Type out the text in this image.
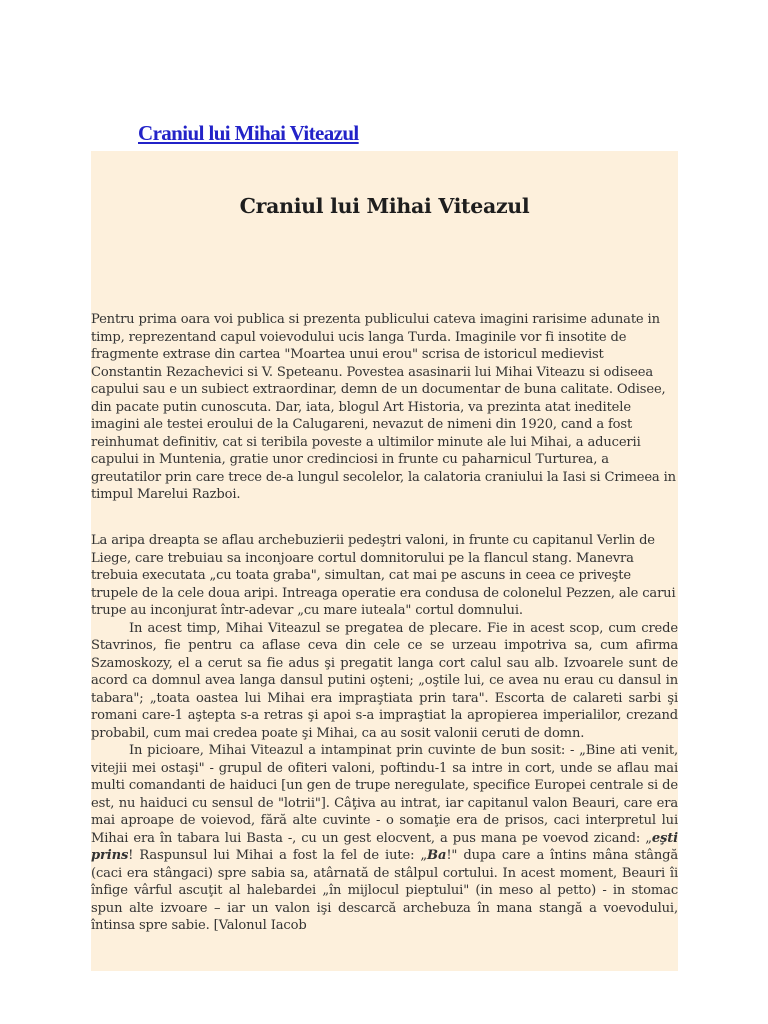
Craniul lui Mihai Viteazul
Craniul lui Mihai Viteazul

Pentru prima oara voi publica si prezenta publicului cateva imagini rarisime adunate in timp, reprezentand capul voievodului ucis langa Turda. Imaginile vor fi insotite de fragmente extrase din cartea "Moartea unui erou" scrisa de istoricul medievist Constantin Rezachevici si V. Speteanu. Povestea asasinarii lui Mihai Viteazu si odiseea capului sau e un subiect extraordinar, demn de un documentar de buna calitate. Odisee, din pacate putin cunoscuta. Dar, iata, blogul Art Historia, va prezinta atat ineditele imagini ale testei eroului de la Calugareni, nevazut de nimeni din 1920, cand a fost reinhumat definitiv, cat si teribila poveste a ultimilor minute ale lui Mihai, a aducerii capului in Muntenia, gratie unor credinciosi in frunte cu paharnicul Turturea, a greutatilor prin care trece de-a lungul secolelor, la calatoria craniului la Iasi si Crimeea in timpul Marelui Razboi.

La aripa dreapta se aflau archebuzierii pedeştri valoni, in frunte cu capitanul Verlin de Liege, care trebuiau sa inconjoare cortul domnitorului pe la flancul stang. Manevra trebuia executata „cu toata graba", simultan, cat mai pe ascuns in ceea ce priveşte trupele de la cele doua aripi. Intreaga operatie era condusa de colonelul Pezzen, ale carui trupe au inconjurat într-adevar „cu mare iuteala" cortul domnului.

In acest timp, Mihai Viteazul se pregatea de plecare. Fie in acest scop, cum crede Stavrinos, fie pentru ca aflase ceva din cele ce se urzeau impotriva sa, cum afirma Szamoskozy, el a cerut sa fie adus şi pregatit langa cort calul sau alb. Izvoarele sunt de acord ca domnul avea langa dansul putini oşteni; „oştile lui, ce avea nu erau cu dansul in tabara"; „toata oastea lui Mihai era impraştiata prin tara". Escorta de calareti sarbi şi romani care-1 aştepta s-a retras şi apoi s-a impraştiat la apropierea imperialilor, crezand probabil, cum mai credea poate şi Mihai, ca au sosit valonii ceruti de domn.

In picioare, Mihai Viteazul a intampinat prin cuvinte de bun sosit: - „Bine ati venit, vitejii mei ostaşi" - grupul de ofiteri valoni, poftindu-1 sa intre in cort, unde se aflau mai multi comandanti de haiduci [un gen de trupe neregulate, specifice Europei centrale si de est, nu haiduci cu sensul de "lotrii"]. Câţiva au intrat, iar capitanul valon Beauri, care era mai aproape de voievod, fără alte cuvinte - o somaţie era de prisos, caci interpretul lui Mihai era în tabara lui Basta -, cu un gest elocvent, a pus mana pe voevod zicand: „eşti prins! Raspunsul lui Mihai a fost la fel de iute: „Ba!" dupa care a întins mâna stângă (caci era stângaci) spre sabia sa, atârnată de stâlpul cortului. In acest moment, Beauri îi înfige vârful ascuţit al halebardei „în mijlocul pieptului" (in meso al petto) - in stomac spun alte izvoare – iar un valon işi descarcă archebuza în mana stangă a voevodului, întinsa spre sabie. [Valonul Iacob
